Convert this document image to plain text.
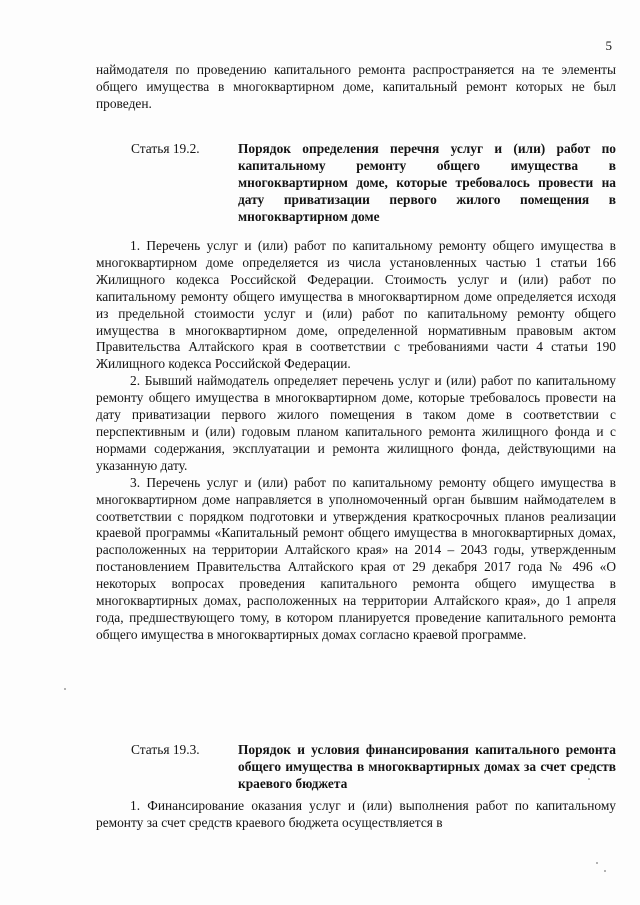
5

наймодателя по проведению капитального ремонта распространяется на те элементы общего имущества в многоквартирном доме, капитальный ремонт которых не был проведен.

Статья 19.2.	Порядок определения перечня услуг и (или) работ по капитальному ремонту общего имущества в многоквартирном доме, которые требовалось провести на дату приватизации первого жилого помещения в многоквартирном доме

1. Перечень услуг и (или) работ по капитальному ремонту общего имущества в многоквартирном доме определяется из числа установленных частью 1 статьи 166 Жилищного кодекса Российской Федерации. Стоимость услуг и (или) работ по капитальному ремонту общего имущества в многоквартирном доме определяется исходя из предельной стоимости услуг и (или) работ по капитальному ремонту общего имущества в многоквартирном доме, определенной нормативным правовым актом Правительства Алтайского края в соответствии с требованиями части 4 статьи 190 Жилищного кодекса Российской Федерации.

2. Бывший наймодатель определяет перечень услуг и (или) работ по капитальному ремонту общего имущества в многоквартирном доме, которые требовалось провести на дату приватизации первого жилого помещения в таком доме в соответствии с перспективным и (или) годовым планом капитального ремонта жилищного фонда и с нормами содержания, эксплуатации и ремонта жилищного фонда, действующими на указанную дату.

3. Перечень услуг и (или) работ по капитальному ремонту общего имущества в многоквартирном доме направляется в уполномоченный орган бывшим наймодателем в соответствии с порядком подготовки и утверждения краткосрочных планов реализации краевой программы «Капитальный ремонт общего имущества в многоквартирных домах, расположенных на территории Алтайского края» на 2014 – 2043 годы, утвержденным постановлением Правительства Алтайского края от 29 декабря 2017 года № 496 «О некоторых вопросах проведения капитального ремонта общего имущества в многоквартирных домах, расположенных на территории Алтайского края», до 1 апреля года, предшествующего тому, в котором планируется проведение капитального ремонта общего имущества в многоквартирных домах согласно краевой программе.

Статья 19.3.	Порядок и условия финансирования капитального ремонта общего имущества в многоквартирных домах за счет средств краевого бюджета

1. Финансирование оказания услуг и (или) выполнения работ по капитальному ремонту за счет средств краевого бюджета осуществляется в
